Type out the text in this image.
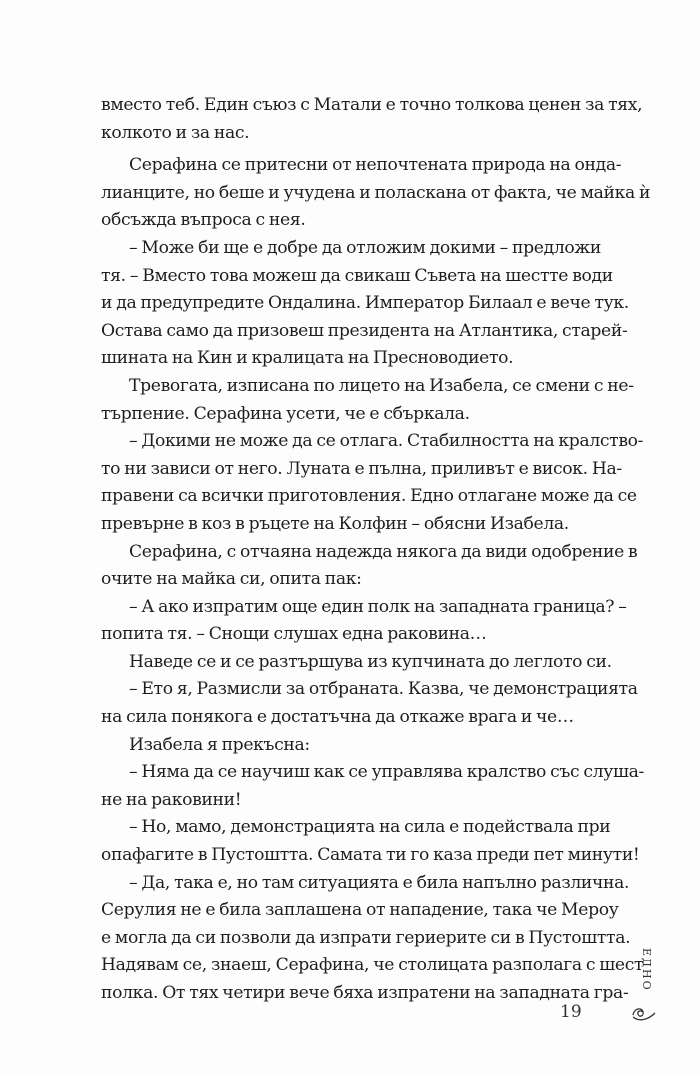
вместо теб. Един съюз с Матали е точно толкова ценен за тях,
колкото и за нас.
Серафина се притесни от непочтената природа на онда-
лианците, но беше и учудена и поласкана от факта, че майка ѝ
обсъжда въпроса с нея.
– Може би ще е добре да отложим докими – предложи
тя. – Вместо това можеш да свикаш Съвета на шестте води
и да предупредите Ондалина. Император Билаал е вече тук.
Остава само да призовеш президента на Атлантика, старей-
шината на Кин и кралицата на Пресноводието.
Тревогата, изписана по лицето на Изабела, се смени с не-
търпение. Серафина усети, че е сбъркала.
– Докими не може да се отлага. Стабилността на кралство-
то ни зависи от него. Луната е пълна, приливът е висок. На-
правени са всички приготовления. Едно отлагане може да се
превърне в коз в ръцете на Колфин – обясни Изабела.
Серафина, с отчаяна надежда някога да види одобрение в
очите на майка си, опита пак:
– А ако изпратим още един полк на западната граница? –
попита тя. – Снощи слушах една раковина…
Наведе се и се разтършува из купчината до леглото си.
– Ето я, Размисли за отбраната. Казва, че демонстрацията
на сила понякога е достатъчна да откаже врага и че…
Изабела я прекъсна:
– Няма да се научиш как се управлява кралство със слуша-
не на раковини!
– Но, мамо, демонстрацията на сила е подействала при
опафагите в Пустоштта. Самата ти го каза преди пет минути!
– Да, така е, но там ситуацията е била напълно различна.
Серулия не е била заплашена от нападение, така че Мероу
е могла да си позволи да изпрати гериерите си в Пустоштта.
Надявам се, знаеш, Серафина, че столицата разполага с шест
полка. От тях четири вече бяха изпратени на западната гра-
ЕДНО
19
